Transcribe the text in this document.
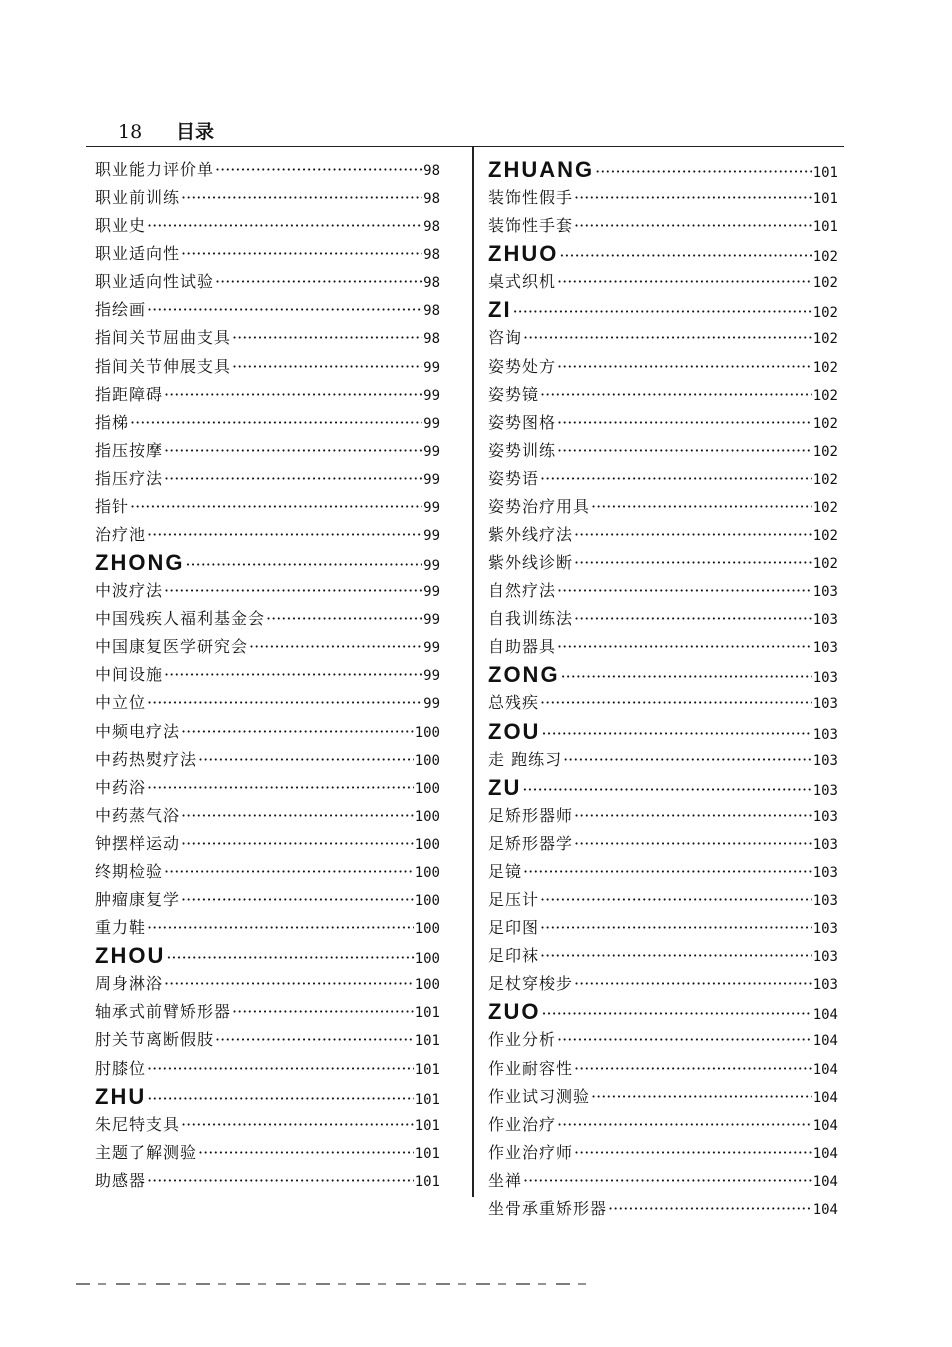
18 目录
职业能力评价单 ·····	98
职业前训练 ·····	98
职业史 ·····	98
职业适向性 ·····	98
职业适向性试验 ·····	98
指绘画 ·····	98
指间关节屈曲支具 ·····	98
指间关节伸展支具 ·····	99
指距障碍 ·····	99
指梯 ·····	99
指压按摩 ·····	99
指压疗法 ·····	99
指针 ·····	99
治疗池 ·····	99
ZHONG ·····	99
中波疗法 ·····	99
中国残疾人福利基金会 ·····	99
中国康复医学研究会 ·····	99
中间设施 ·····	99
中立位 ·····	99
中频电疗法 ·····	100
中药热熨疗法 ·····	100
中药浴 ·····	100
中药蒸气浴 ·····	100
钟摆样运动 ·····	100
终期检验 ·····	100
肿瘤康复学 ·····	100
重力鞋 ·····	100
ZHOU ·····	100
周身淋浴 ·····	100
轴承式前臂矫形器 ·····	101
肘关节离断假肢 ·····	101
肘膝位 ·····	101
ZHU ·····	101
朱尼特支具 ·····	101
主题了解测验 ·····	101
助感器 ·····	101
ZHUANG ·····	101
装饰性假手 ·····	101
装饰性手套 ·····	101
ZHUO ·····	102
桌式织机 ·····	102
ZI ·····	102
咨询 ·····	102
姿势处方 ·····	102
姿势镜 ·····	102
姿势图格 ·····	102
姿势训练 ·····	102
姿势语 ·····	102
姿势治疗用具 ·····	102
紫外线疗法 ·····	102
紫外线诊断 ·····	102
自然疗法 ·····	103
自我训练法 ·····	103
自助器具 ·····	103
ZONG ·····	103
总残疾 ·····	103
ZOU ·····	103
走 跑练习 ·····	103
ZU ·····	103
足矫形器师 ·····	103
足矫形器学 ·····	103
足镜 ·····	103
足压计 ·····	103
足印图 ·····	103
足印袜 ·····	103
足杖穿梭步 ·····	103
ZUO ·····	104
作业分析 ·····	104
作业耐容性 ·····	104
作业试习测验 ·····	104
作业治疗 ·····	104
作业治疗师 ·····	104
坐禅 ·····	104
坐骨承重矫形器 ·····	104
